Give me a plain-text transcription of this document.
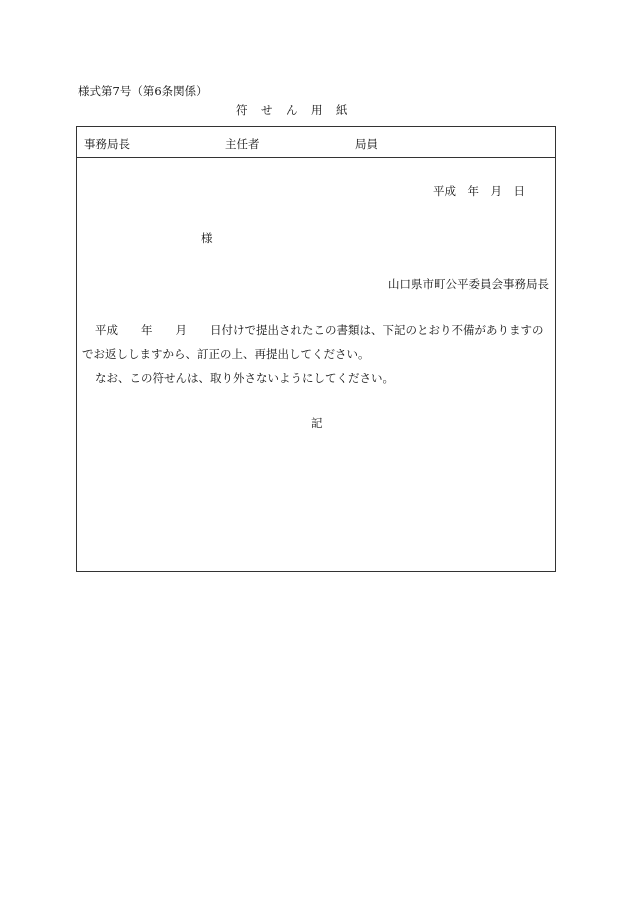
様式第7号（第6条関係）
符　せ　ん　用　紙
事務局長	主任者	局員
平成　年　月　日
様
山口県市町公平委員会事務局長
平成　　年　　月　　日付けで提出されたこの書類は、下記のとおり不備がありますの
でお返ししますから、訂正の上、再提出してください。
なお、この符せんは、取り外さないようにしてください。
記
